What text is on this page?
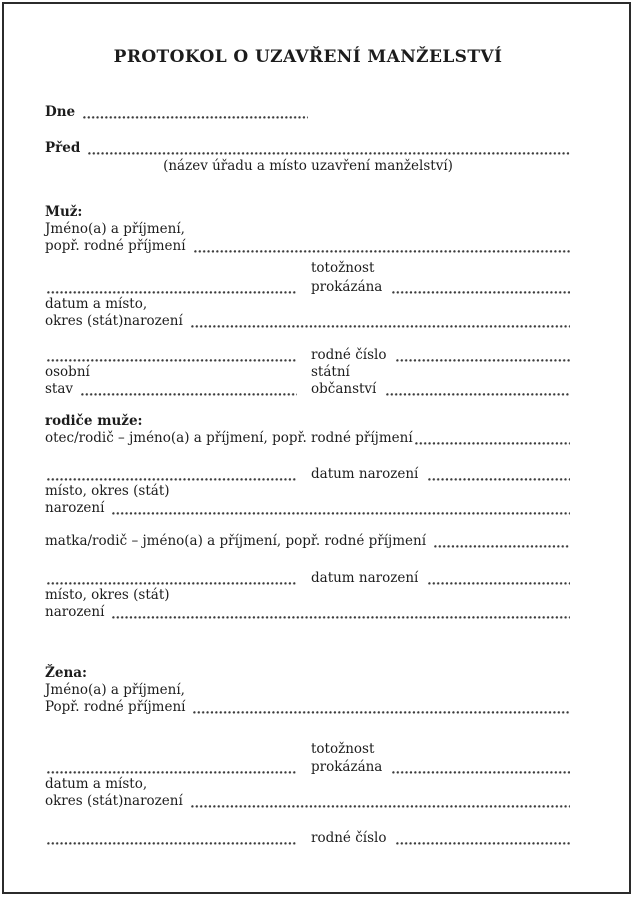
PROTOKOL O UZAVŘENÍ MANŽELSTVÍ
Dne
Před
(název úřadu a místo uzavření manželství)
Muž:
Jméno(a) a příjmení,
popř. rodné příjmení
totožnost
prokázána
datum a místo,
okres (stát)narození
rodné číslo
osobní	státní
stav	občanství
rodiče muže:
otec/rodič – jméno(a) a příjmení, popř. rodné příjmení
datum narození
místo, okres (stát)
narození
matka/rodič – jméno(a) a příjmení, popř. rodné příjmení
datum narození
místo, okres (stát)
narození
Žena:
Jméno(a) a příjmení,
Popř. rodné příjmení
totožnost
prokázána
datum a místo,
okres (stát)narození
rodné číslo
